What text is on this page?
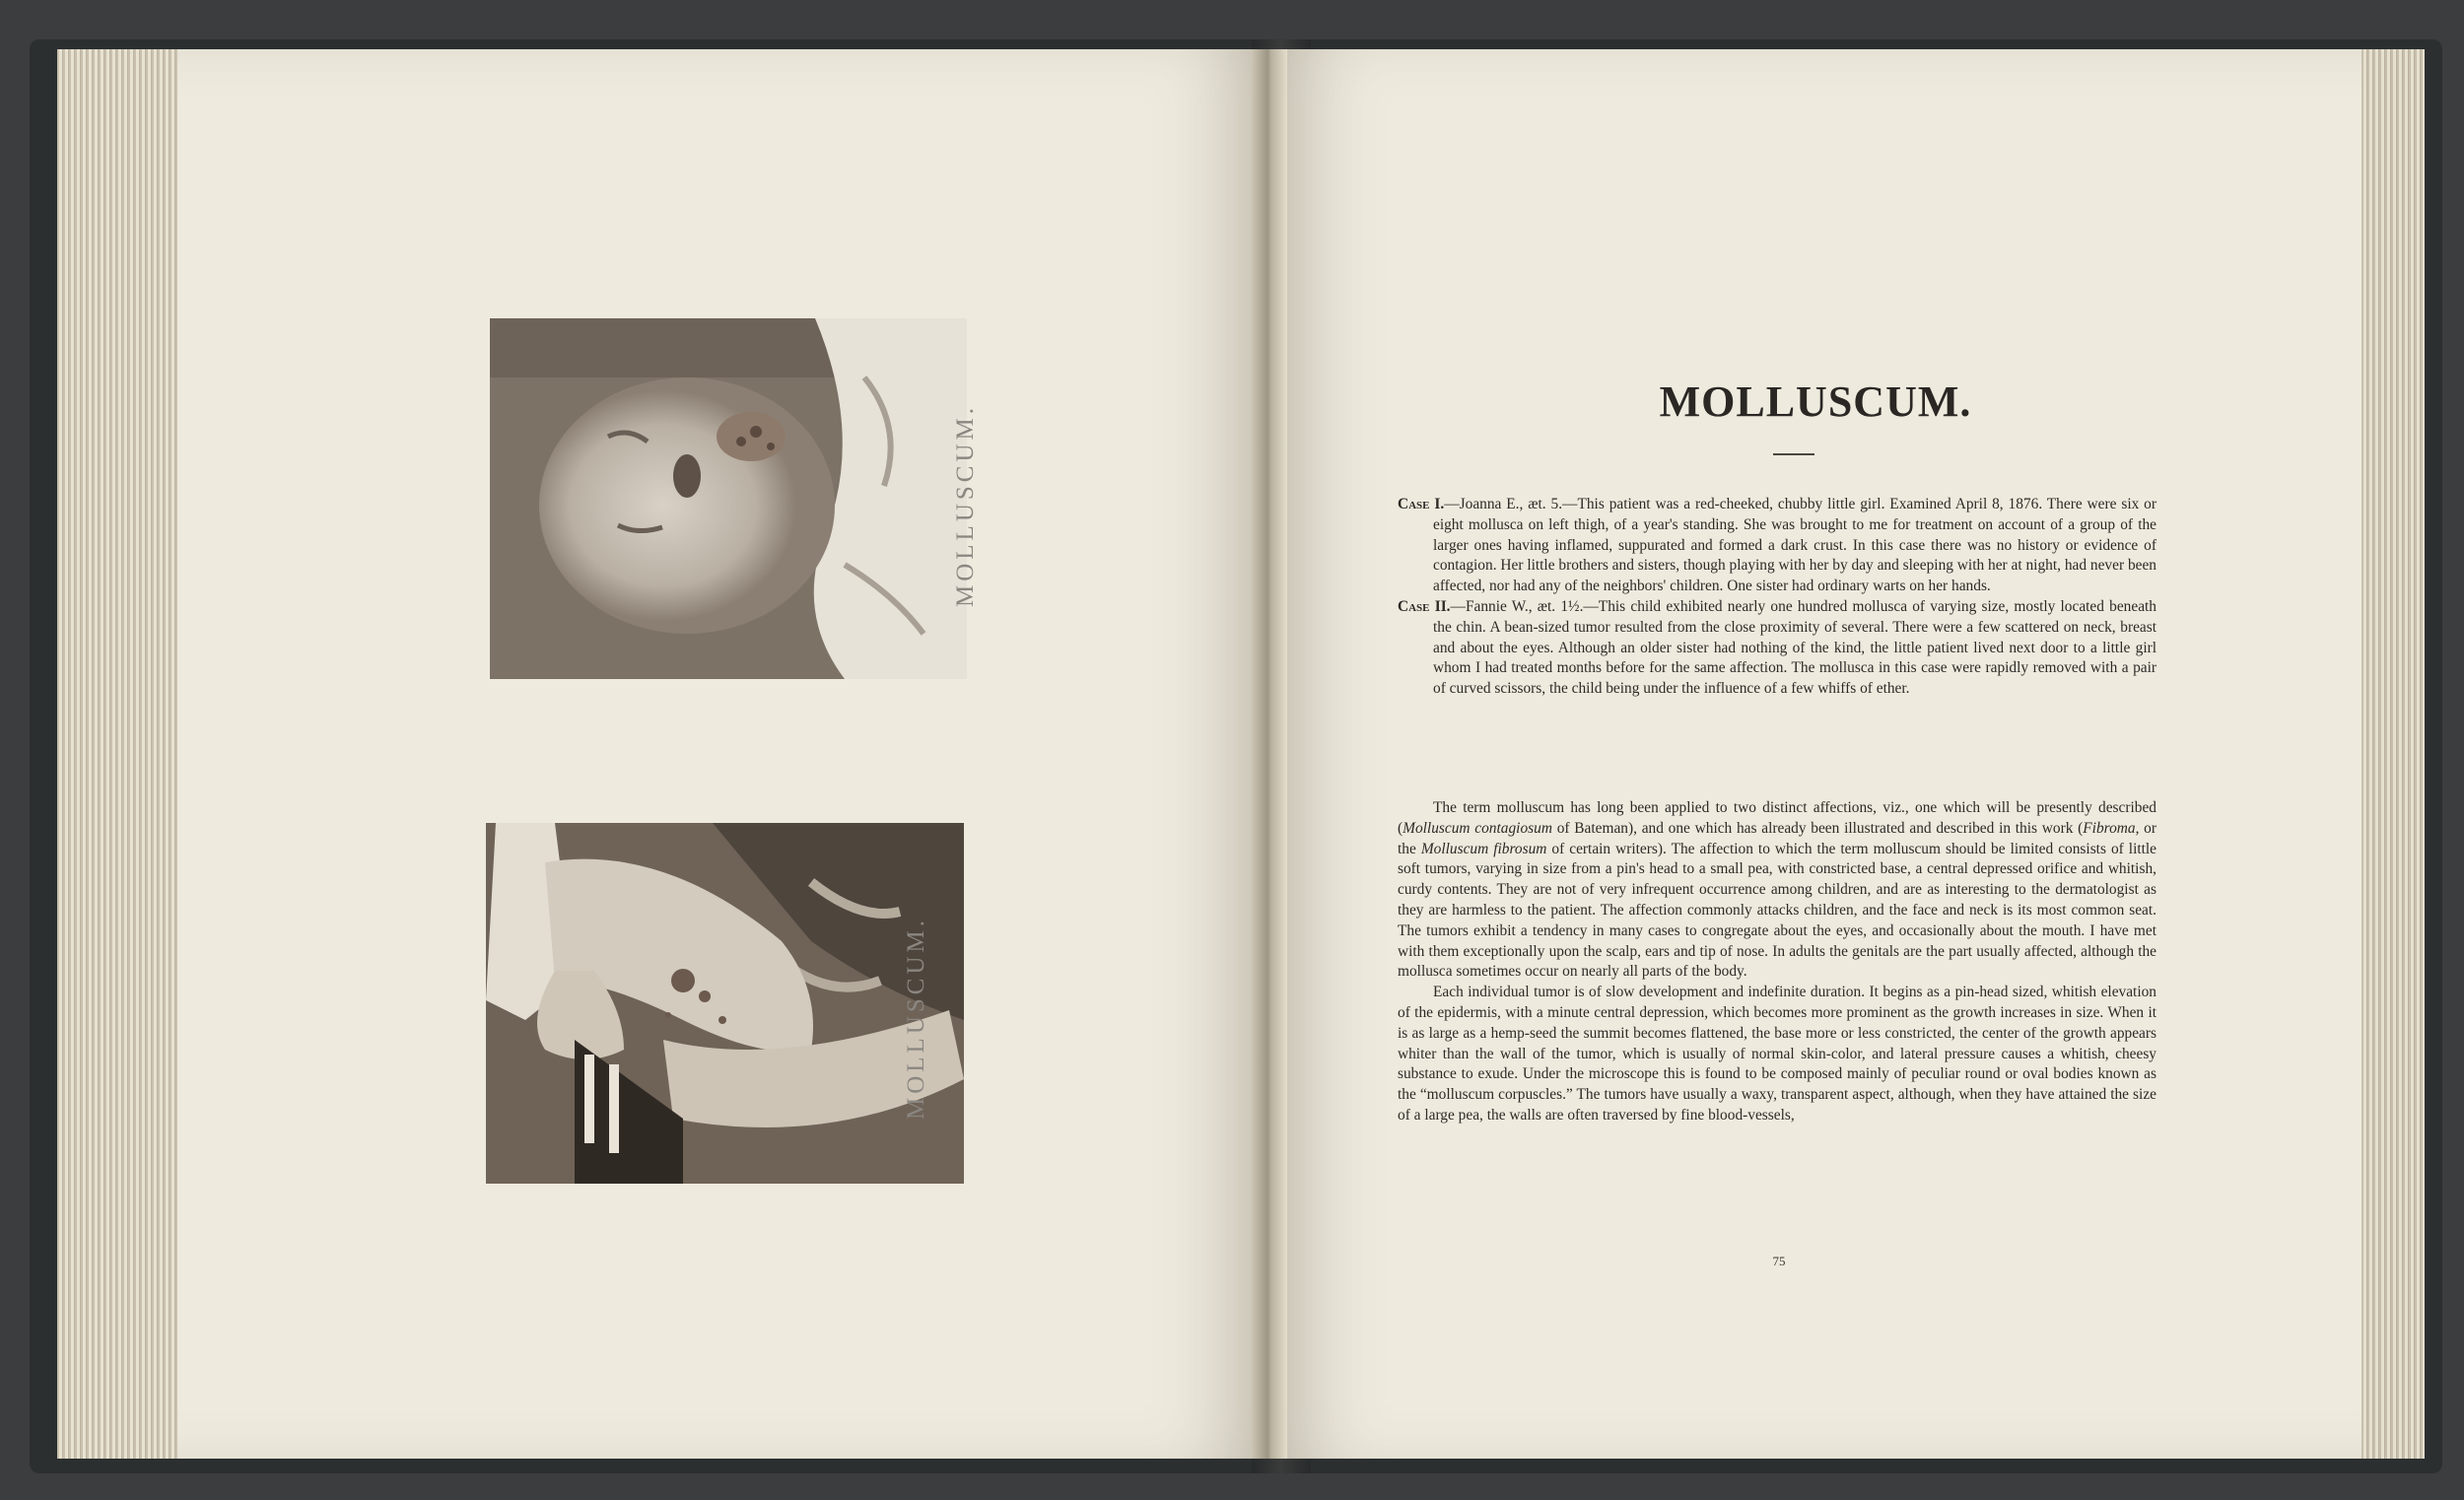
MOLLUSCUM.
MOLLUSCUM.
MOLLUSCUM.

Case I.—Joanna E., æt. 5.—This patient was a red-cheeked, chubby little girl. Examined April 8, 1876. There were six or eight mollusca on left thigh, of a year's standing. She was brought to me for treatment on account of a group of the larger ones having inflamed, suppurated and formed a dark crust. In this case there was no history or evidence of contagion. Her little brothers and sisters, though playing with her by day and sleeping with her at night, had never been affected, nor had any of the neighbors' children. One sister had ordinary warts on her hands.

Case II.—Fannie W., æt. 1½.—This child exhibited nearly one hundred mollusca of varying size, mostly located beneath the chin. A bean-sized tumor resulted from the close proximity of several. There were a few scattered on neck, breast and about the eyes. Although an older sister had nothing of the kind, the little patient lived next door to a little girl whom I had treated months before for the same affection. The mollusca in this case were rapidly removed with a pair of curved scissors, the child being under the influence of a few whiffs of ether.

The term molluscum has long been applied to two distinct affections, viz., one which will be presently described (Molluscum contagiosum of Bateman), and one which has already been illustrated and described in this work (Fibroma, or the Molluscum fibrosum of certain writers). The affection to which the term molluscum should be limited consists of little soft tumors, varying in size from a pin's head to a small pea, with constricted base, a central depressed orifice and whitish, curdy contents. They are not of very infrequent occurrence among children, and are as interesting to the dermatologist as they are harmless to the patient. The affection commonly attacks children, and the face and neck is its most common seat. The tumors exhibit a tendency in many cases to congregate about the eyes, and occasionally about the mouth. I have met with them exceptionally upon the scalp, ears and tip of nose. In adults the genitals are the part usually affected, although the mollusca sometimes occur on nearly all parts of the body.

Each individual tumor is of slow development and indefinite duration. It begins as a pin-head sized, whitish elevation of the epidermis, with a minute central depression, which becomes more prominent as the growth increases in size. When it is as large as a hemp-seed the summit becomes flattened, the base more or less constricted, the center of the growth appears whiter than the wall of the tumor, which is usually of normal skin-color, and lateral pressure causes a whitish, cheesy substance to exude. Under the microscope this is found to be composed mainly of peculiar round or oval bodies known as the “molluscum corpuscles.” The tumors have usually a waxy, transparent aspect, although, when they have attained the size of a large pea, the walls are often traversed by fine blood-vessels,

75
